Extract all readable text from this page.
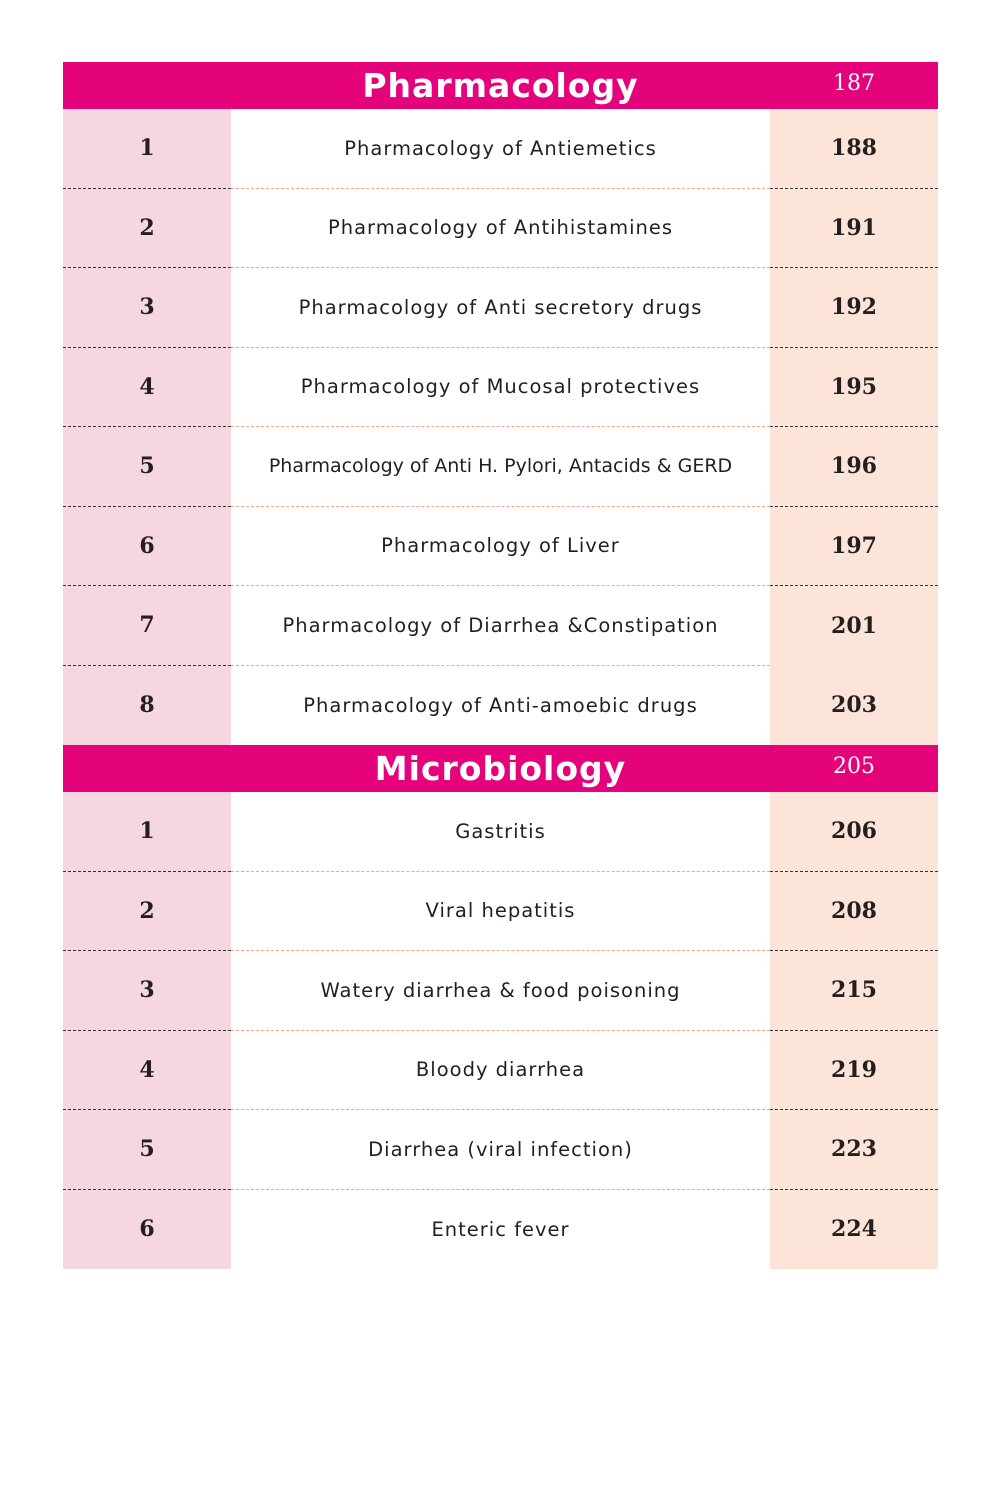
Pharmacology	187
1	Pharmacology of Antiemetics	188
2	Pharmacology of Antihistamines	191
3	Pharmacology of Anti secretory drugs	192
4	Pharmacology of Mucosal protectives	195
5	Pharmacology of Anti H. Pylori, Antacids & GERD	196
6	Pharmacology of Liver	197
7	Pharmacology of Diarrhea &Constipation	201
8	Pharmacology of Anti-amoebic drugs	203
Microbiology	205
1	Gastritis	206
2	Viral hepatitis	208
3	Watery diarrhea & food poisoning	215
4	Bloody diarrhea	219
5	Diarrhea (viral infection)	223
6	Enteric fever	224
